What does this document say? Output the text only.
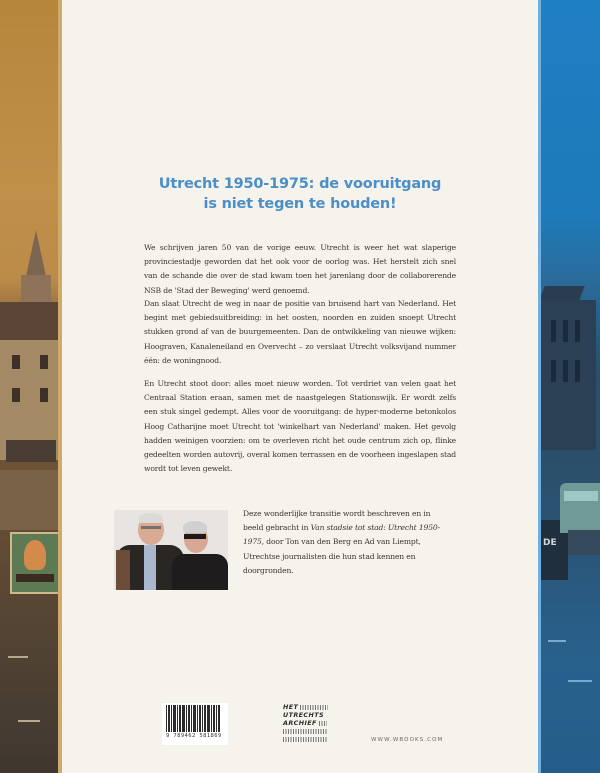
Utrecht 1950-1975: de vooruitgang
is niet tegen te houden!

We schrijven jaren 50 van de vorige eeuw. Utrecht is weer het wat slaperige provinciestadje geworden dat het ook voor de oorlog was. Het herstelt zich snel van de schande die over de stad kwam toen het jarenlang door de collaborerende NSB de 'Stad der Beweging' werd genoemd.

Dan slaat Utrecht de weg in naar de positie van bruisend hart van Nederland. Het begint met gebiedsuitbreiding: in het oosten, noorden en zuiden snoept Utrecht stukken grond af van de buurgemeenten. Dan de ontwikkeling van nieuwe wijken: Hoograven, Kanaleneiland en Overvecht – zo verslaat Utrecht volksvijand nummer één: de woningnood.

En Utrecht stoot door: alles moet nieuw worden. Tot verdriet van velen gaat het Centraal Station eraan, samen met de naastgelegen Stationswijk. Er wordt zelfs een stuk singel gedempt. Alles voor de vooruitgang: de hyper-moderne betonkolos Hoog Catharijne moet Utrecht tot 'winkelhart van Nederland' maken. Het gevolg hadden weinigen voorzien: om te overleven richt het oude centrum zich op, flinke gedeelten worden autovrij, overal komen terrassen en de voorheen ingeslapen stad wordt tot leven gewekt.

Deze wonderlijke transitie wordt beschreven en in beeld gebracht in Van stadsie tot stad: Utrecht 1950-1975, door Ton van den Berg en Ad van Liempt, Utrechtse journalisten die hun stad kennen en doorgronden.

9 789462 581869
HET
UTRECHTS
ARCHIEF
WWW.WBOOKS.COM
DE
